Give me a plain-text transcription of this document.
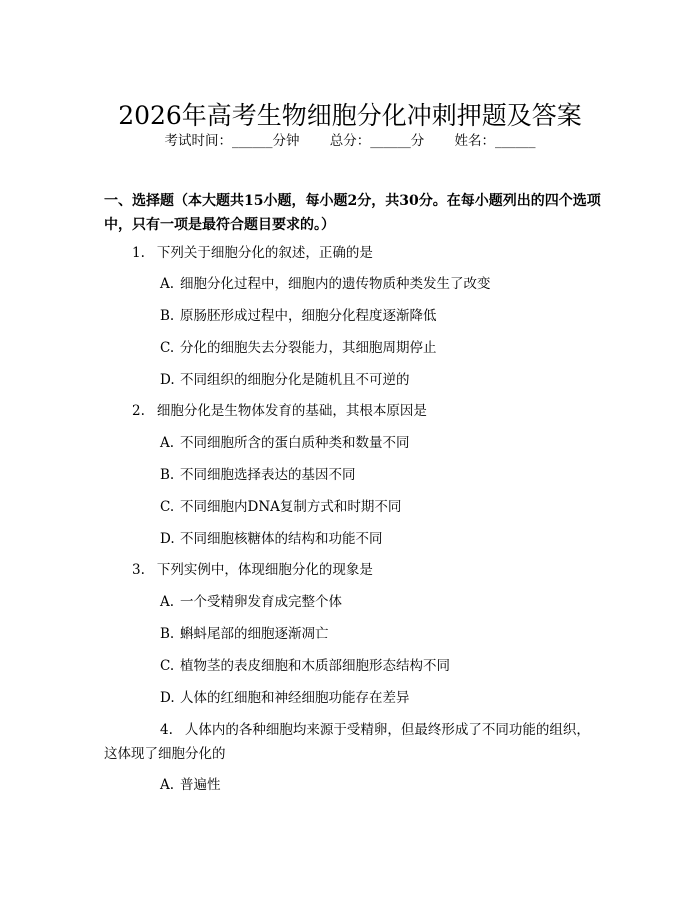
2026年高考生物细胞分化冲刺押题及答案
考试时间：______分钟 总分：______分 姓名：______
一、选择题（本大题共15小题，每小题2分，共30分。在每小题列出的四个选项中，只有一项是最符合题目要求的。）
1. 下列关于细胞分化的叙述，正确的是
A. 细胞分化过程中，细胞内的遗传物质种类发生了改变
B. 原肠胚形成过程中，细胞分化程度逐渐降低
C. 分化的细胞失去分裂能力，其细胞周期停止
D. 不同组织的细胞分化是随机且不可逆的
2. 细胞分化是生物体发育的基础，其根本原因是
A. 不同细胞所含的蛋白质种类和数量不同
B. 不同细胞选择表达的基因不同
C. 不同细胞内DNA复制方式和时期不同
D. 不同细胞核糖体的结构和功能不同
3. 下列实例中，体现细胞分化的现象是
A. 一个受精卵发育成完整个体
B. 蝌蚪尾部的细胞逐渐凋亡
C. 植物茎的表皮细胞和木质部细胞形态结构不同
D. 人体的红细胞和神经细胞功能存在差异
4. 人体内的各种细胞均来源于受精卵，但最终形成了不同功能的组织，这体现了细胞分化的
A. 普遍性
